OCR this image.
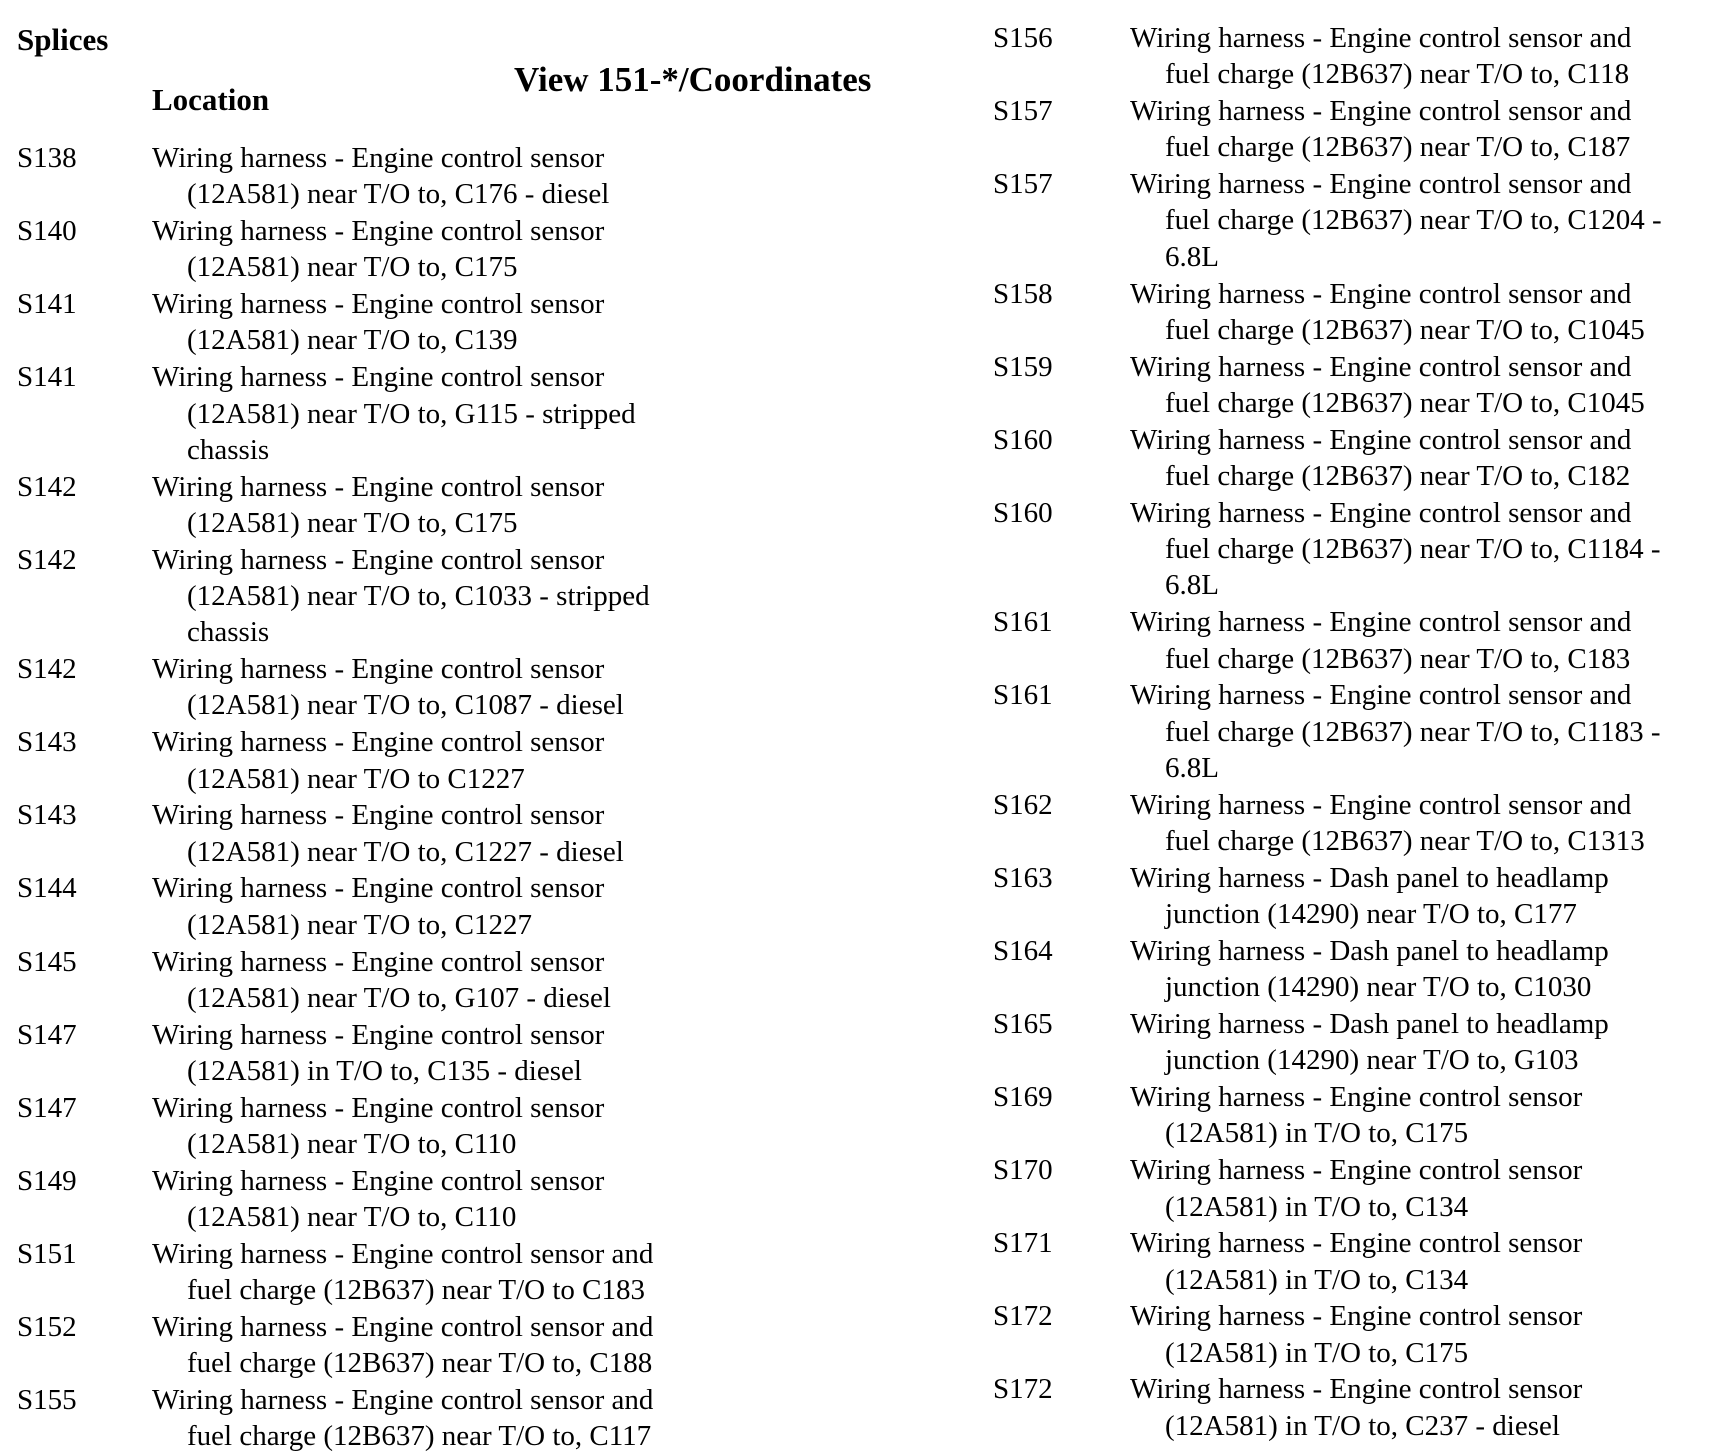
Splices
Location
View 151-*/Coordinates
S138	Wiring harness - Engine control sensor
(12A581) near T/O to, C176 - diesel
S140	Wiring harness - Engine control sensor
(12A581) near T/O to, C175
S141	Wiring harness - Engine control sensor
(12A581) near T/O to, C139
S141	Wiring harness - Engine control sensor
(12A581) near T/O to, G115 - stripped
chassis
S142	Wiring harness - Engine control sensor
(12A581) near T/O to, C175
S142	Wiring harness - Engine control sensor
(12A581) near T/O to, C1033 - stripped
chassis
S142	Wiring harness - Engine control sensor
(12A581) near T/O to, C1087 - diesel
S143	Wiring harness - Engine control sensor
(12A581) near T/O to C1227
S143	Wiring harness - Engine control sensor
(12A581) near T/O to, C1227 - diesel
S144	Wiring harness - Engine control sensor
(12A581) near T/O to, C1227
S145	Wiring harness - Engine control sensor
(12A581) near T/O to, G107 - diesel
S147	Wiring harness - Engine control sensor
(12A581) in T/O to, C135 - diesel
S147	Wiring harness - Engine control sensor
(12A581) near T/O to, C110
S149	Wiring harness - Engine control sensor
(12A581) near T/O to, C110
S151	Wiring harness - Engine control sensor and
fuel charge (12B637) near T/O to C183
S152	Wiring harness - Engine control sensor and
fuel charge (12B637) near T/O to, C188
S155	Wiring harness - Engine control sensor and
fuel charge (12B637) near T/O to, C117
S156	Wiring harness - Engine control sensor and
fuel charge (12B637) near T/O to, C118
S157	Wiring harness - Engine control sensor and
fuel charge (12B637) near T/O to, C187
S157	Wiring harness - Engine control sensor and
fuel charge (12B637) near T/O to, C1204 -
6.8L
S158	Wiring harness - Engine control sensor and
fuel charge (12B637) near T/O to, C1045
S159	Wiring harness - Engine control sensor and
fuel charge (12B637) near T/O to, C1045
S160	Wiring harness - Engine control sensor and
fuel charge (12B637) near T/O to, C182
S160	Wiring harness - Engine control sensor and
fuel charge (12B637) near T/O to, C1184 -
6.8L
S161	Wiring harness - Engine control sensor and
fuel charge (12B637) near T/O to, C183
S161	Wiring harness - Engine control sensor and
fuel charge (12B637) near T/O to, C1183 -
6.8L
S162	Wiring harness - Engine control sensor and
fuel charge (12B637) near T/O to, C1313
S163	Wiring harness - Dash panel to headlamp
junction (14290) near T/O to, C177
S164	Wiring harness - Dash panel to headlamp
junction (14290) near T/O to, C1030
S165	Wiring harness - Dash panel to headlamp
junction (14290) near T/O to, G103
S169	Wiring harness - Engine control sensor
(12A581) in T/O to, C175
S170	Wiring harness - Engine control sensor
(12A581) in T/O to, C134
S171	Wiring harness - Engine control sensor
(12A581) in T/O to, C134
S172	Wiring harness - Engine control sensor
(12A581) in T/O to, C175
S172	Wiring harness - Engine control sensor
(12A581) in T/O to, C237 - diesel
